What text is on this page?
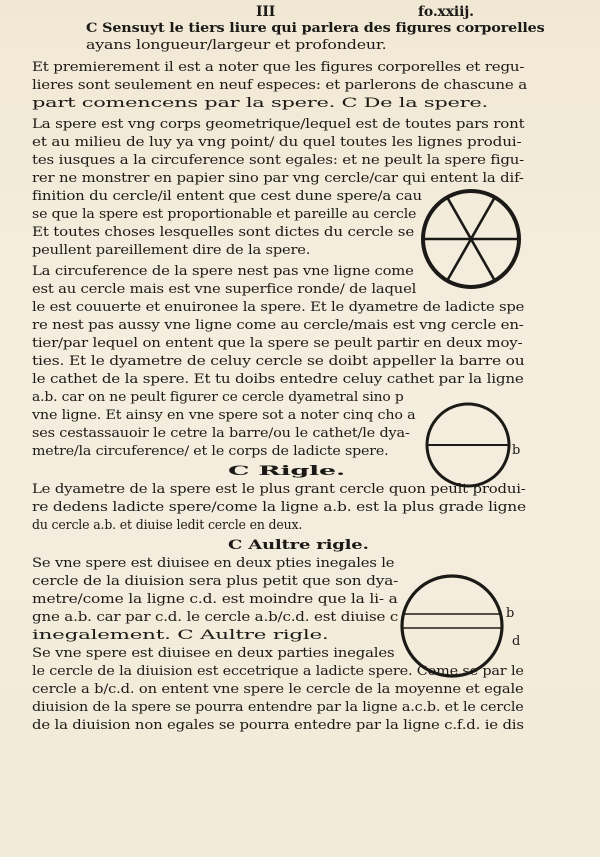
III	fo.xxiij.
C Sensuyt le tiers liure qui parlera des figures corporelles
ayans longueur/largeur et profondeur.
Et premierement il est a noter que les figures corporelles et regu-
lieres sont seulement en neuf especes: et parlerons de chascune a
part comencens par la spere. C De la spere.
La spere est vng corps geometrique/lequel est de toutes pars ront
et au milieu de luy ya vng point/ du quel toutes les lignes produi-
tes iusques a la circuference sont egales: et ne peult la spere figu-
rer ne monstrer en papier sino par vng cercle/car qui entent la dif-
finition du cercle/il entent que cest dune spere/a cau
se que la spere est proportionable et pareille au cercle
Et toutes choses lesquelles sont dictes du cercle se
peullent pareillement dire de la spere.
La circuference de la spere nest pas vne ligne come
est au cercle mais est vne superfice ronde/ de laquel
le est couuerte et enuironee la spere. Et le dyametre de ladicte spe
re nest pas aussy vne ligne come au cercle/mais est vng cercle en-
tier/par lequel on entent que la spere se peult partir en deux moy-
ties. Et le dyametre de celuy cercle se doibt appeller la barre ou
le cathet de la spere. Et tu doibs entedre celuy cathet par la ligne
a.b. car on ne peult figurer ce cercle dyametral sino p
vne ligne. Et ainsy en vne spere sot a noter cinq cho a
ses cestassauoir le cetre la barre/ou le cathet/le dya-
metre/la circuference/ et le corps de ladicte spere.
C Rigle.
Le dyametre de la spere est le plus grant cercle quon peult produi-
re dedens ladicte spere/come la ligne a.b. est la plus grade ligne
du cercle a.b. et diuise ledit cercle en deux.
C Aultre rigle.
Se vne spere est diuisee en deux pties inegales le
cercle de la diuision sera plus petit que son dya-
metre/come la ligne c.d. est moindre que la li- a
gne a.b. car par c.d. le cercle a.b/c.d. est diuise c
inegalement. C Aultre rigle.
Se vne spere est diuisee en deux parties inegales
le cercle de la diuision est eccetrique a ladicte spere. Come se par le
cercle a b/c.d. on entent vne spere le cercle de la moyenne et egale
diuision de la spere se pourra entendre par la ligne a.c.b. et le cercle
de la diuision non egales se pourra entedre par la ligne c.f.d. ie dis
b
b
d
